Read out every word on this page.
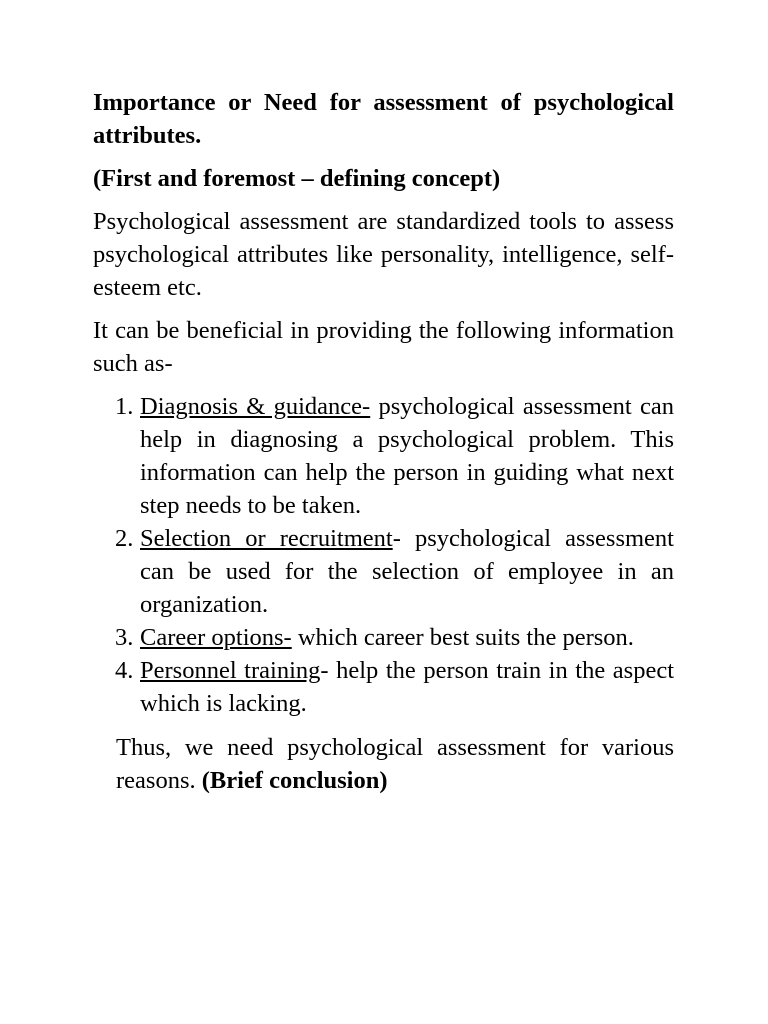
Importance or Need for assessment of psychological attributes.

(First and foremost – defining concept)

Psychological assessment are standardized tools to assess psychological attributes like personality, intelligence, self-esteem etc.

It can be beneficial in providing the following information such as-

1. Diagnosis & guidance- psychological assessment can help in diagnosing a psychological problem. This information can help the person in guiding what next step needs to be taken.
2. Selection or recruitment- psychological assessment can be used for the selection of employee in an organization.
3. Career options- which career best suits the person.
4. Personnel training- help the person train in the aspect which is lacking.

Thus, we need psychological assessment for various reasons. (Brief conclusion)
